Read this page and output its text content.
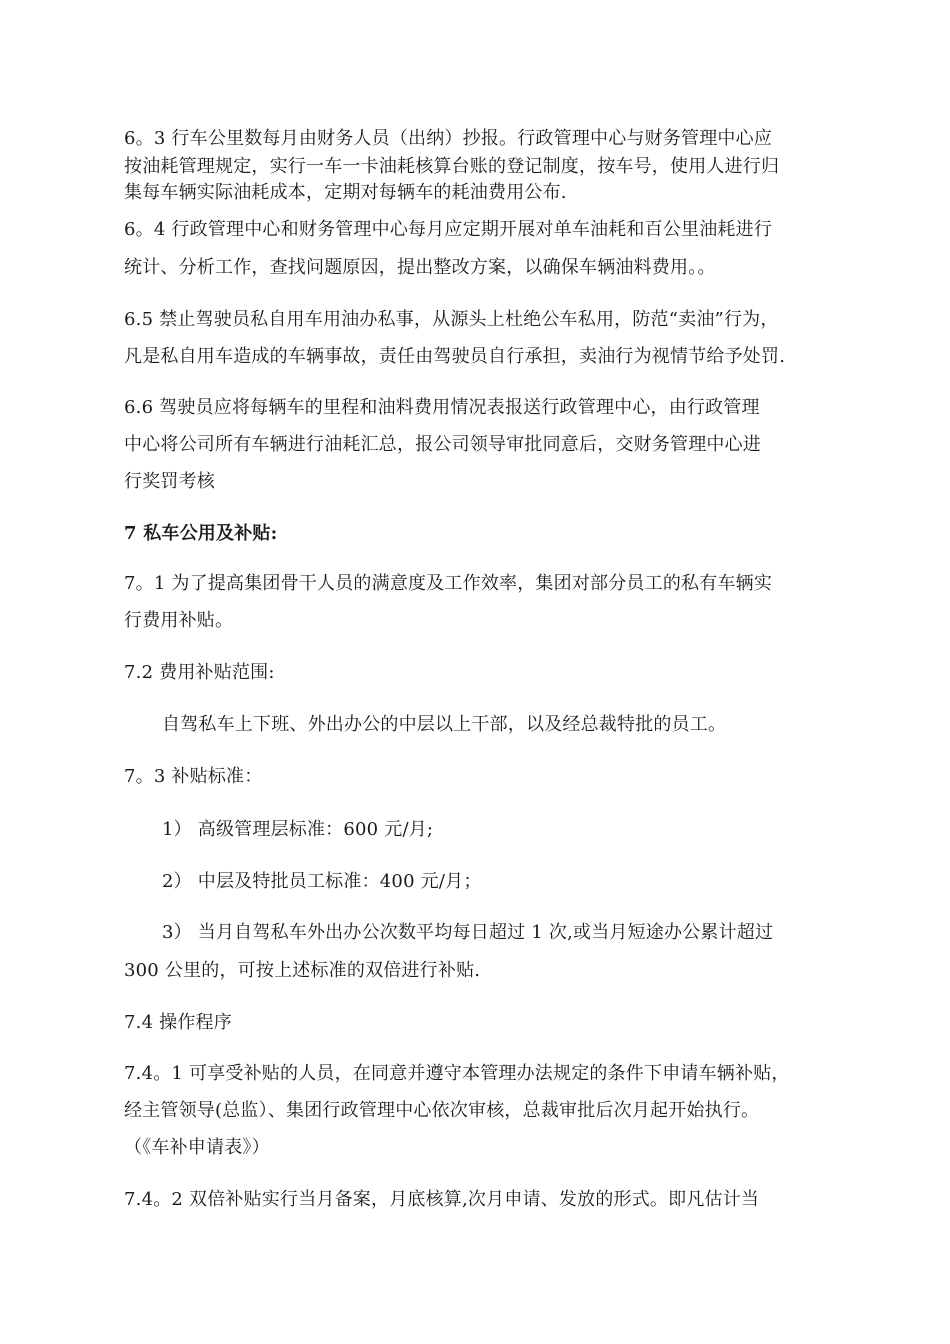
6。3 行车公里数每月由财务人员（出纳）抄报。行政管理中心与财务管理中心应
按油耗管理规定，实行一车一卡油耗核算台账的登记制度，按车号，使用人进行归
集每车辆实际油耗成本，定期对每辆车的耗油费用公布.
6。4 行政管理中心和财务管理中心每月应定期开展对单车油耗和百公里油耗进行
统计、分析工作，查找问题原因，提出整改方案，以确保车辆油料费用。。
6.5 禁止驾驶员私自用车用油办私事，从源头上杜绝公车私用，防范“卖油”行为，
凡是私自用车造成的车辆事故，责任由驾驶员自行承担，卖油行为视情节给予处罚.
6.6 驾驶员应将每辆车的里程和油料费用情况表报送行政管理中心，由行政管理
中心将公司所有车辆进行油耗汇总，报公司领导审批同意后，交财务管理中心进
行奖罚考核
7 私车公用及补贴:
7。1 为了提高集团骨干人员的满意度及工作效率，集团对部分员工的私有车辆实
行费用补贴。
7.2 费用补贴范围:
自驾私车上下班、外出办公的中层以上干部，以及经总裁特批的员工。
7。3 补贴标准：
1） 高级管理层标准：600 元/月;
2） 中层及特批员工标准：400 元/月；
3） 当月自驾私车外出办公次数平均每日超过 1 次,或当月短途办公累计超过
300 公里的，可按上述标准的双倍进行补贴.
7.4 操作程序
7.4。1 可享受补贴的人员，在同意并遵守本管理办法规定的条件下申请车辆补贴，
经主管领导(总监）、集团行政管理中心依次审核，总裁审批后次月起开始执行。
（《车补申请表》）
7.4。2 双倍补贴实行当月备案，月底核算,次月申请、发放的形式。即凡估计当
